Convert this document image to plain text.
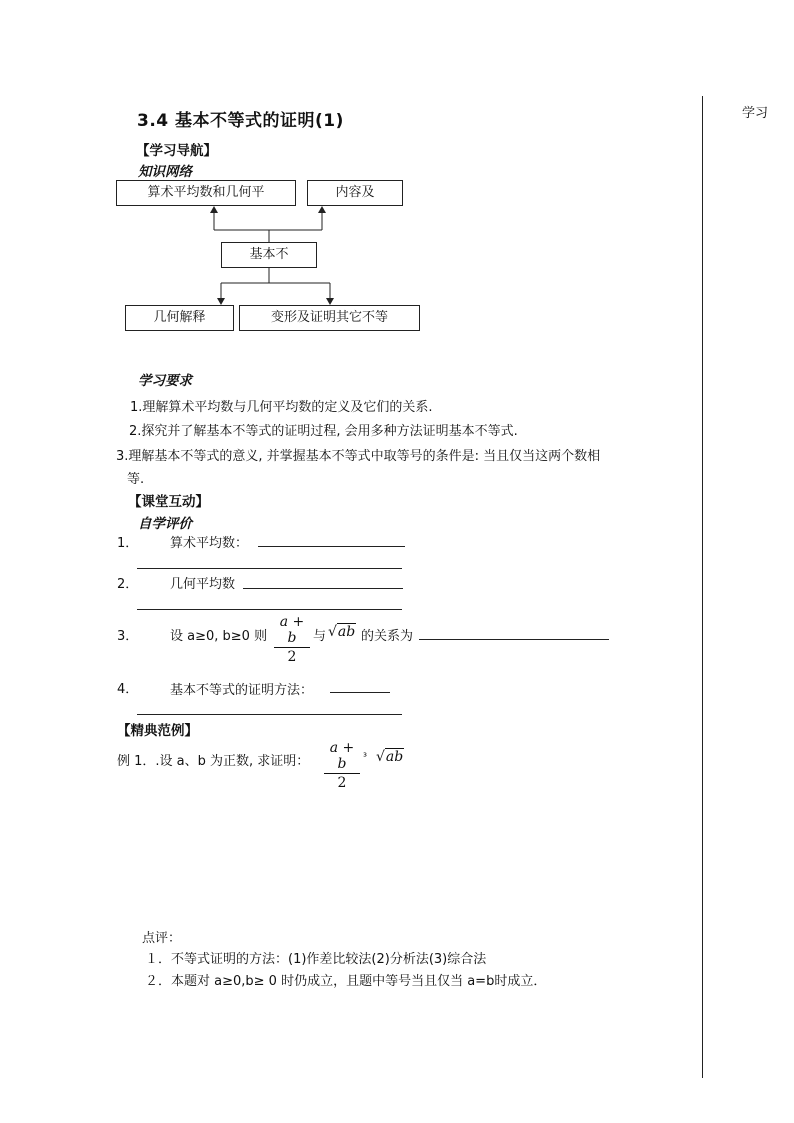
学习
3.4 基本不等式的证明(1)
【学习导航】
知识网络
算术平均数和几何平	内容及
基本不
几何解释	变形及证明其它不等
学习要求
1.理解算术平均数与几何平均数的定义及它们的关系.
2.探究并了解基本不等式的证明过程, 会用多种方法证明基本不等式.
3.理解基本不等式的意义, 并掌握基本不等式中取等号的条件是: 当且仅当这两个数相
等.
【课堂互动】
自学评价
1． 算术平均数：
2． 几何平均数
3． 设 a≥0, b≥0 则
a + b
2
与 √ab 的关系为
4． 基本不等式的证明方法：
【精典范例】
例 1．.设 a、b 为正数, 求证明：
a + b
2
³ √ab
点评：
１．不等式证明的方法：(1)作差比较法(2)分析法(3)综合法
２．本题对 a≥0,b≥ 0 时仍成立，且题中等号当且仅当 a=b时成立．
